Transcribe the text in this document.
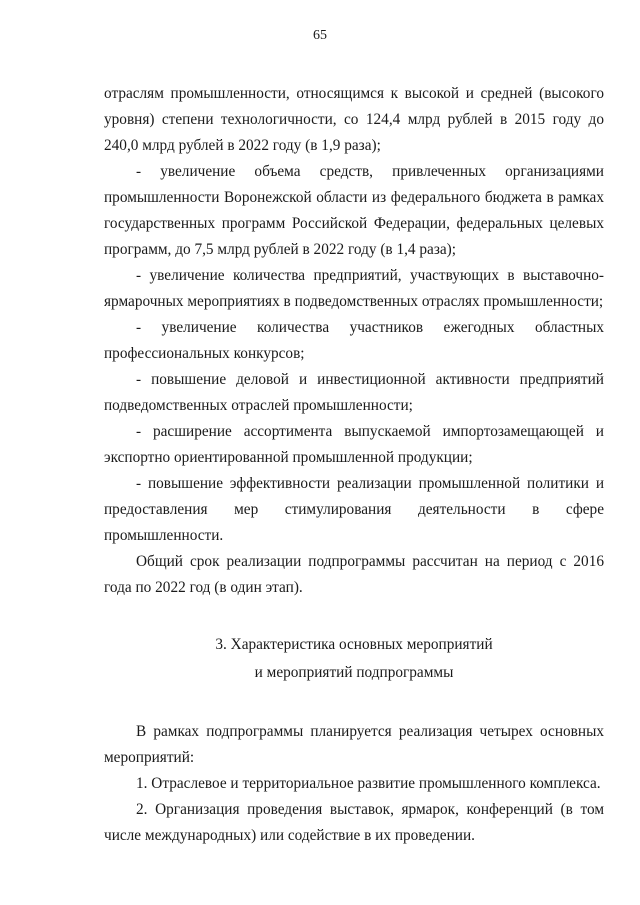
65

отраслям промышленности, относящимся к высокой и средней (высокого уровня) степени технологичности, со 124,4 млрд рублей в 2015 году до 240,0 млрд рублей в 2022 году (в 1,9 раза);

- увеличение объема средств, привлеченных организациями промышленности Воронежской области из федерального бюджета в рамках государственных программ Российской Федерации, федеральных целевых программ, до 7,5 млрд рублей в 2022 году (в 1,4 раза);

- увеличение количества предприятий, участвующих в выставочно-ярмарочных мероприятиях в подведомственных отраслях промышленности;

- увеличение количества участников ежегодных областных профессиональных конкурсов;

- повышение деловой и инвестиционной активности предприятий подведомственных отраслей промышленности;

- расширение ассортимента выпускаемой импортозамещающей и экспортно ориентированной промышленной продукции;

- повышение эффективности реализации промышленной политики и предоставления мер стимулирования деятельности в сфере промышленности.

Общий срок реализации подпрограммы рассчитан на период с 2016 года по 2022 год (в один этап).

3. Характеристика основных мероприятий
и мероприятий подпрограммы

В рамках подпрограммы планируется реализация четырех основных мероприятий:

1. Отраслевое и территориальное развитие промышленного комплекса.

2. Организация проведения выставок, ярмарок, конференций (в том числе международных) или содействие в их проведении.
